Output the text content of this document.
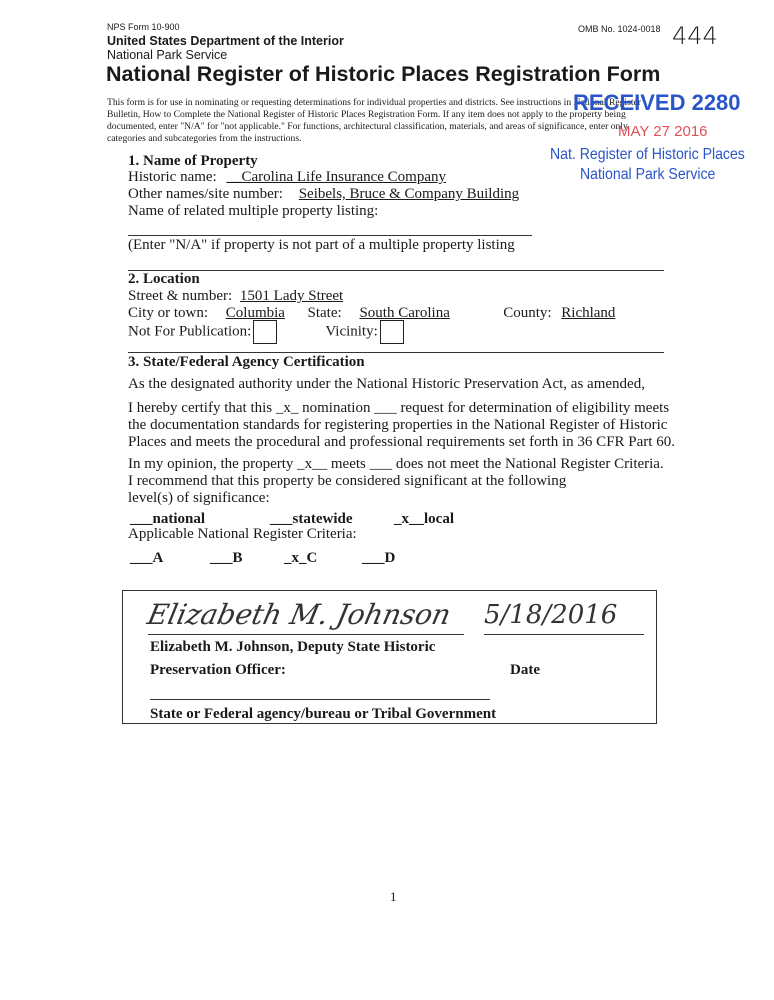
NPS Form 10-900	OMB No. 1024-0018 444
United States Department of the Interior
National Park Service
National Register of Historic Places Registration Form
This form is for use in nominating or requesting determinations for individual properties and districts. See instructions in National Register
Bulletin, How to Complete the National Register of Historic Places Registration Form. If any item does not apply to the property being
documented, enter "N/A" for "not applicable." For functions, architectural classification, materials, and areas of significance, enter only
categories and subcategories from the instructions.
RECEIVED 2280
MAY 27 2016
Nat. Register of Historic Places
National Park Service
1. Name of Property
Historic name: __Carolina Life Insurance Company
Other names/site number: Seibels, Bruce & Company Building
Name of related multiple property listing:
(Enter "N/A" if property is not part of a multiple property listing
2. Location
Street & number: 1501 Lady Street
City or town: Columbia State: South Carolina	County: Richland
Not For Publication:	Vicinity:
3. State/Federal Agency Certification
As the designated authority under the National Historic Preservation Act, as amended,
I hereby certify that this _x_ nomination ___ request for determination of eligibility meets
the documentation standards for registering properties in the National Register of Historic
Places and meets the procedural and professional requirements set forth in 36 CFR Part 60.
In my opinion, the property _x__ meets ___ does not meet the National Register Criteria.
I recommend that this property be considered significant at the following
level(s) of significance:
___national	___statewide	_x__local
Applicable National Register Criteria:
___A	___B	_x_C	___D
Elizabeth M. Johnson 5/18/2016
Elizabeth M. Johnson, Deputy State Historic
Preservation Officer:	Date
State or Federal agency/bureau or Tribal Government
1
